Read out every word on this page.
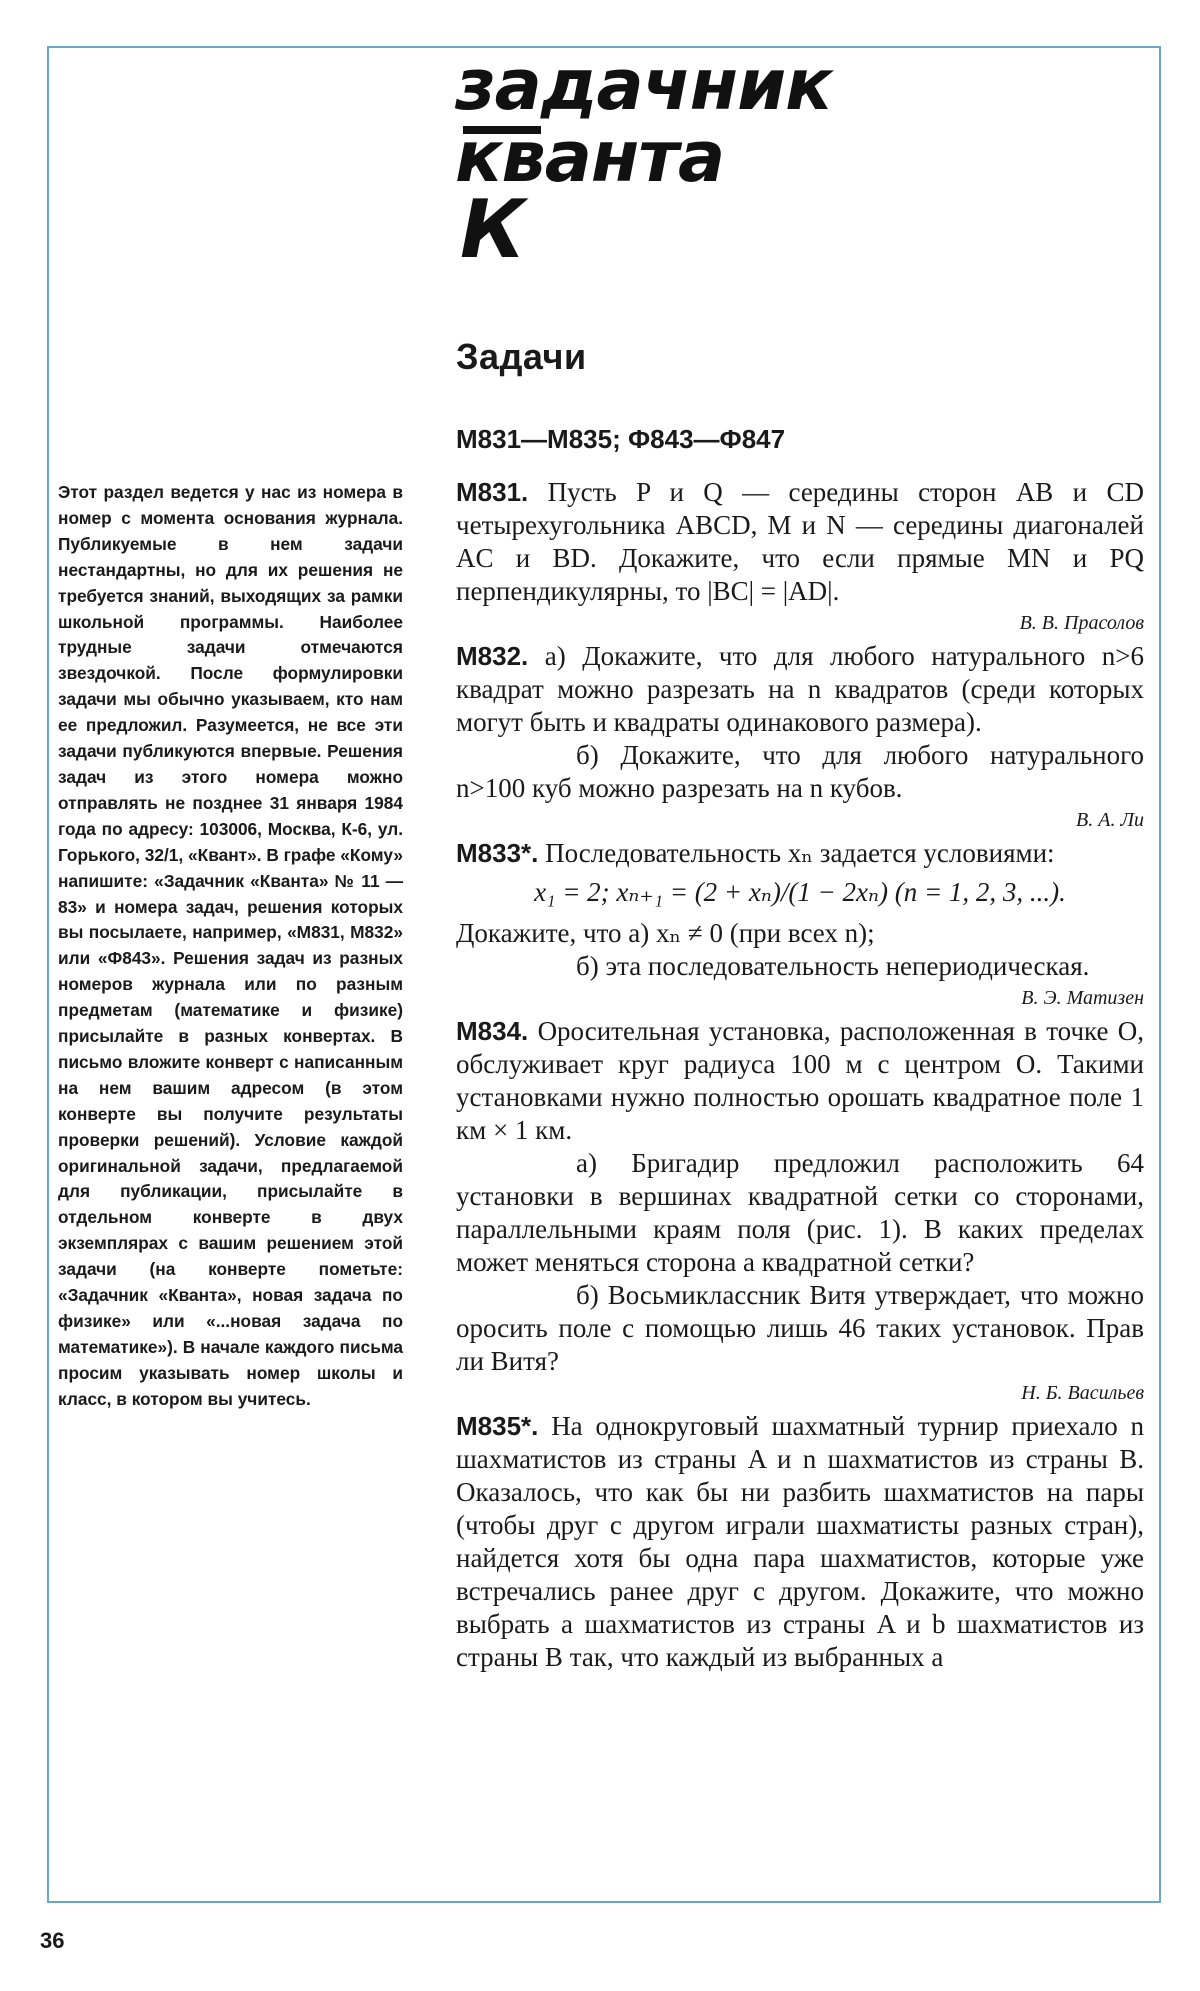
задачник
кванта
К
Задачи
М831—М835; Ф843—Ф847
Этот раздел ведется у нас из номера в номер с момента основания журнала. Публикуемые в нем задачи нестандартны, но для их решения не требуется знаний, выходящих за рамки школьной программы. Наиболее трудные задачи отмечаются звездочкой. После формулировки задачи мы обычно указываем, кто нам ее предложил. Разумеется, не все эти задачи публикуются впервые. Решения задач из этого номера можно отправлять не позднее 31 января 1984 года по адресу: 103006, Москва, К-6, ул. Горького, 32/1, «Квант». В графе «Кому» напишите: «Задачник «Кванта» № 11 — 83» и номера задач, решения которых вы посылаете, например, «М831, М832» или «Ф843». Решения задач из разных номеров журнала или по разным предметам (математике и физике) присылайте в разных конвертах. В письмо вложите конверт с написанным на нем вашим адресом (в этом конверте вы получите результаты проверки решений). Условие каждой оригинальной задачи, предлагаемой для публикации, присылайте в отдельном конверте в двух экземплярах с вашим решением этой задачи (на конверте пометьте: «Задачник «Кванта», новая задача по физике» или «...новая задача по математике»). В начале каждого письма просим указывать номер школы и класс, в котором вы учитесь.

М831. Пусть P и Q — середины сторон AB и CD четырехугольника ABCD, M и N — середины диагоналей AC и BD. Докажите, что если прямые MN и PQ перпендикулярны, то |BC| = |AD|.

В. В. Прасолов

М832. а) Докажите, что для любого натурального n>6 квадрат можно разрезать на n квадратов (среди которых могут быть и квадраты одинакового размера).

б) Докажите, что для любого натурального n>100 куб можно разрезать на n кубов.

В. А. Ли

М833*. Последовательность xₙ задается условиями:

x₁ = 2; xₙ₊₁ = (2 + xₙ)/(1 − 2xₙ) (n = 1, 2, 3, ...).

Докажите, что а) xₙ ≠ 0 (при всех n);

б) эта последовательность непериодическая.

В. Э. Матизен

М834. Оросительная установка, расположенная в точке O, обслуживает круг радиуса 100 м с центром O. Такими установками нужно полностью орошать квадратное поле 1 км × 1 км.

а) Бригадир предложил расположить 64 установки в вершинах квадратной сетки со сторонами, параллельными краям поля (рис. 1). В каких пределах может меняться сторона a квадратной сетки?

б) Восьмиклассник Витя утверждает, что можно оросить поле с помощью лишь 46 таких установок. Прав ли Витя?

Н. Б. Васильев

М835*. На однокруговый шахматный турнир приехало n шахматистов из страны A и n шахматистов из страны B. Оказалось, что как бы ни разбить шахматистов на пары (чтобы друг с другом играли шахматисты разных стран), найдется хотя бы одна пара шахматистов, которые уже встречались ранее друг с другом. Докажите, что можно выбрать a шахматистов из страны A и b шахматистов из страны B так, что каждый из выбранных a

36
